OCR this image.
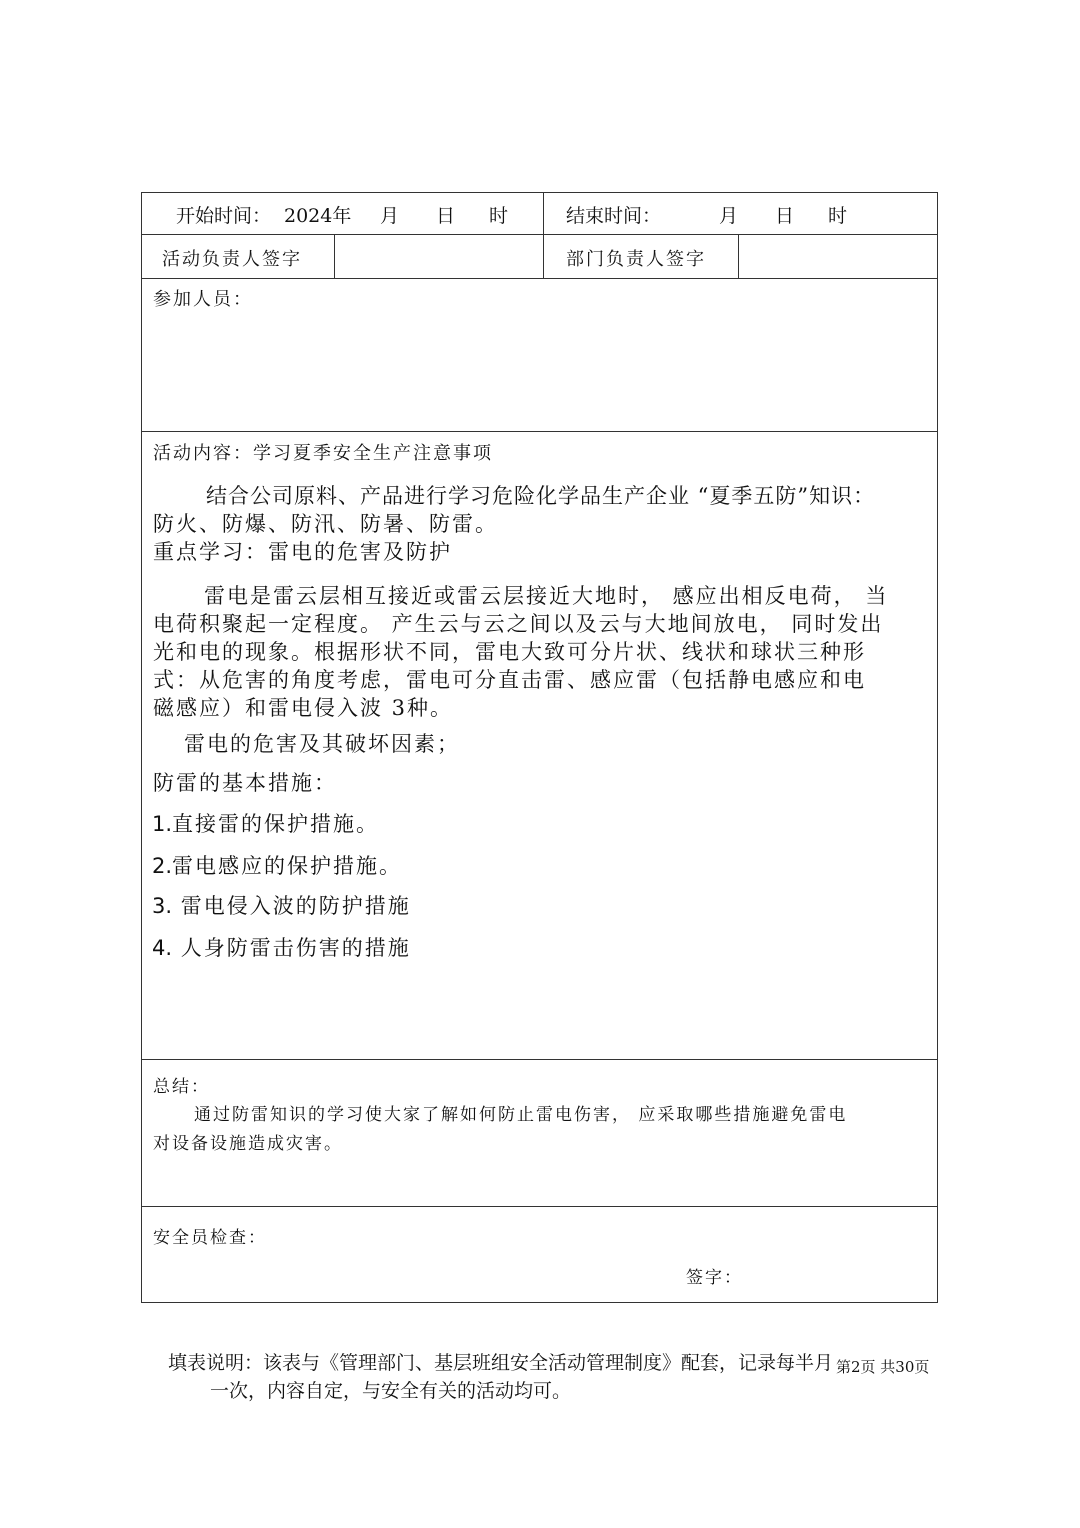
开始时间： 2024年 月 日 时	结束时间：	月 日 时
活动负责人签字	部门负责人签字
参加人员：
活动内容：学习夏季安全生产注意事项
结合公司原料、产品进行学习危险化学品生产企业 “夏季五防”知识：
防火、防爆、防汛、防暑、防雷。
重点学习：雷电的危害及防护
雷电是雷云层相互接近或雷云层接近大地时， 感应出相反电荷， 当
电荷积聚起一定程度。 产生云与云之间以及云与大地间放电， 同时发出
光和电的现象。根据形状不同，雷电大致可分片状、线状和球状三种形
式：从危害的角度考虑，雷电可分直击雷、感应雷（包括静电感应和电
磁感应）和雷电侵入波 3种。
雷电的危害及其破坏因素；
防雷的基本措施：
1.直接雷的保护措施。
2.雷电感应的保护措施。
3. 雷电侵入波的防护措施
4. 人身防雷击伤害的措施
总结：
通过防雷知识的学习使大家了解如何防止雷电伤害， 应采取哪些措施避免雷电
对设备设施造成灾害。
安全员检查：
签字：
填表说明：该表与《管理部门、基层班组安全活动管理制度》配套，记录每半月
一次，内容自定，与安全有关的活动均可。
第2页 共30页
